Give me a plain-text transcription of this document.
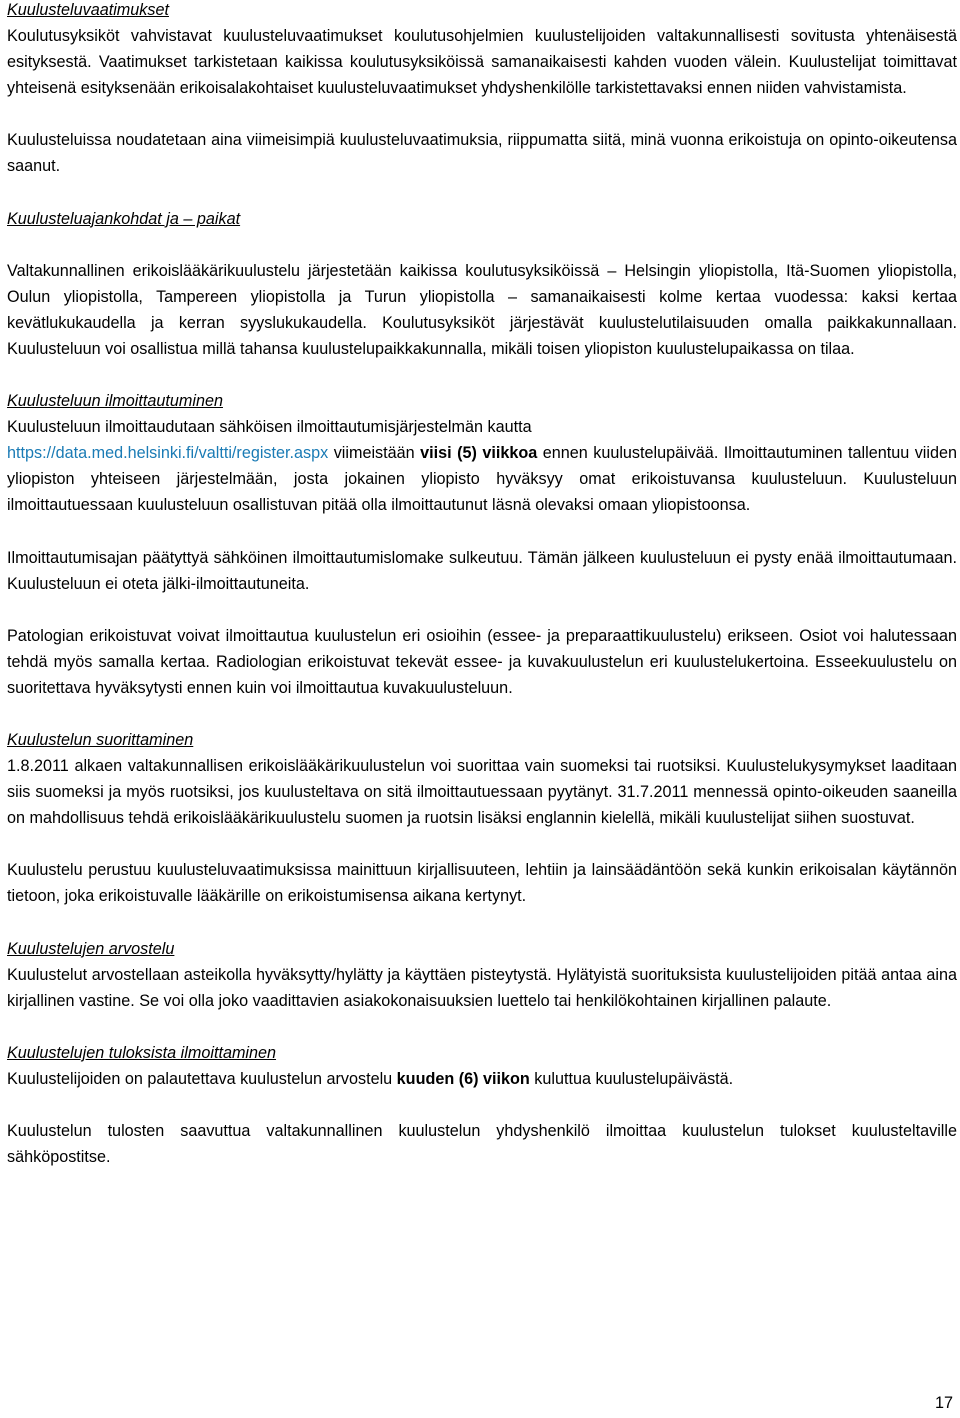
Kuulusteluvaatimukset

Koulutusyksiköt vahvistavat kuulusteluvaatimukset koulutusohjelmien kuulustelijoiden valtakunnallisesti sovitusta yhtenäisestä esityksestä. Vaatimukset tarkistetaan kaikissa koulutusyksiköissä samanaikaisesti kahden vuoden välein. Kuulustelijat toimittavat yhteisenä esityksenään erikoisalakohtaiset kuulusteluvaatimukset yhdyshenkilölle tarkistettavaksi ennen niiden vahvistamista.

Kuulusteluissa noudatetaan aina viimeisimpiä kuulusteluvaatimuksia, riippumatta siitä, minä vuonna erikoistuja on opinto-oikeutensa saanut.

Kuulusteluajankohdat ja – paikat

Valtakunnallinen erikoislääkärikuulustelu järjestetään kaikissa koulutusyksiköissä – Helsingin yliopistolla, Itä-Suomen yliopistolla, Oulun yliopistolla, Tampereen yliopistolla ja Turun yliopistolla – samanaikaisesti kolme kertaa vuodessa: kaksi kertaa kevätlukukaudella ja kerran syyslukukaudella. Koulutusyksiköt järjestävät kuulustelutilaisuuden omalla paikkakunnallaan. Kuulusteluun voi osallistua millä tahansa kuulustelupaikkakunnalla, mikäli toisen yliopiston kuulustelupaikassa on tilaa.

Kuulusteluun ilmoittautuminen

Kuulusteluun ilmoittaudutaan sähköisen ilmoittautumisjärjestelmän kautta
https://data.med.helsinki.fi/valtti/register.aspx viimeistään viisi (5) viikkoa ennen kuulustelupäivää. Ilmoittautuminen tallentuu viiden yliopiston yhteiseen järjestelmään, josta jokainen yliopisto hyväksyy omat erikoistuvansa kuulusteluun. Kuulusteluun ilmoittautuessaan kuulusteluun osallistuvan pitää olla ilmoittautunut läsnä olevaksi omaan yliopistoonsa.

Ilmoittautumisajan päätyttyä sähköinen ilmoittautumislomake sulkeutuu. Tämän jälkeen kuulusteluun ei pysty enää ilmoittautumaan. Kuulusteluun ei oteta jälki-ilmoittautuneita.

Patologian erikoistuvat voivat ilmoittautua kuulustelun eri osioihin (essee- ja preparaattikuulustelu) erikseen. Osiot voi halutessaan tehdä myös samalla kertaa. Radiologian erikoistuvat tekevät essee- ja kuvakuulustelun eri kuulustelukertoina. Esseekuulustelu on suoritettava hyväksytysti ennen kuin voi ilmoittautua kuvakuulusteluun.

Kuulustelun suorittaminen

1.8.2011 alkaen valtakunnallisen erikoislääkärikuulustelun voi suorittaa vain suomeksi tai ruotsiksi. Kuulustelukysymykset laaditaan siis suomeksi ja myös ruotsiksi, jos kuulusteltava on sitä ilmoittautuessaan pyytänyt. 31.7.2011 mennessä opinto-oikeuden saaneilla on mahdollisuus tehdä erikoislääkärikuulustelu suomen ja ruotsin lisäksi englannin kielellä, mikäli kuulustelijat siihen suostuvat.

Kuulustelu perustuu kuulusteluvaatimuksissa mainittuun kirjallisuuteen, lehtiin ja lainsäädäntöön sekä kunkin erikoisalan käytännön tietoon, joka erikoistuvalle lääkärille on erikoistumisensa aikana kertynyt.

Kuulustelujen arvostelu

Kuulustelut arvostellaan asteikolla hyväksytty/hylätty ja käyttäen pisteytystä. Hylätyistä suorituksista kuulustelijoiden pitää antaa aina kirjallinen vastine. Se voi olla joko vaadittavien asiakokonaisuuksien luettelo tai henkilökohtainen kirjallinen palaute.

Kuulustelujen tuloksista ilmoittaminen

Kuulustelijoiden on palautettava kuulustelun arvostelu kuuden (6) viikon kuluttua kuulustelupäivästä.

Kuulustelun tulosten saavuttua valtakunnallinen kuulustelun yhdyshenkilö ilmoittaa kuulustelun tulokset kuulusteltaville sähköpostitse.

17
